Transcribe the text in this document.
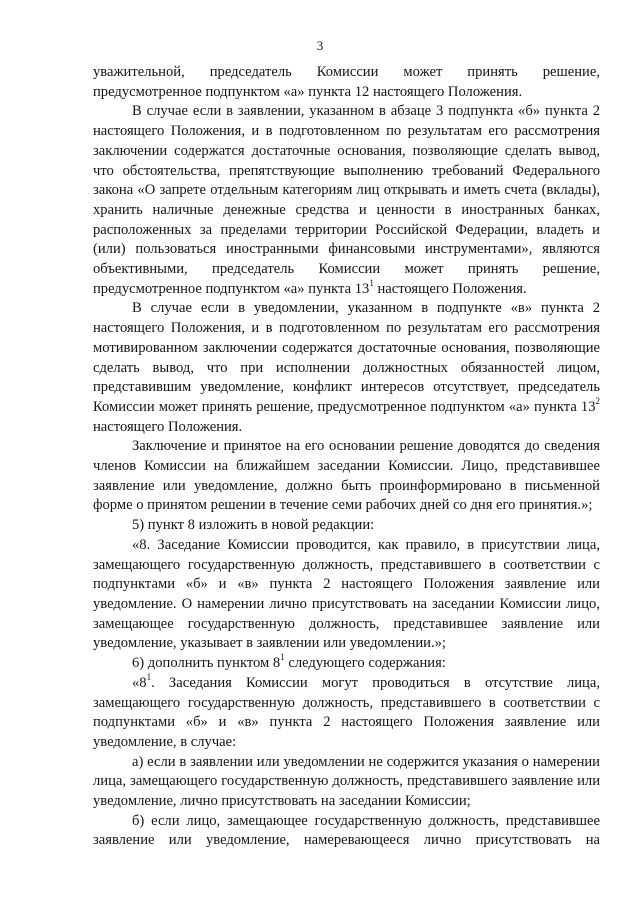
3

уважительной, председатель Комиссии может принять решение, предусмотренное подпунктом «а» пункта 12 настоящего Положения.

В случае если в заявлении, указанном в абзаце 3 подпункта «б» пункта 2 настоящего Положения, и в подготовленном по результатам его рассмотрения заключении содержатся достаточные основания, позволяющие сделать вывод, что обстоятельства, препятствующие выполнению требований Федерального закона «О запрете отдельным категориям лиц открывать и иметь счета (вклады), хранить наличные денежные средства и ценности в иностранных банках, расположенных за пределами территории Российской Федерации, владеть и (или) пользоваться иностранными финансовыми инструментами», являются объективными, председатель Комиссии может принять решение, предусмотренное подпунктом «а» пункта $13^1$ настоящего Положения.

В случае если в уведомлении, указанном в подпункте «в» пункта 2 настоящего Положения, и в подготовленном по результатам его рассмотрения мотивированном заключении содержатся достаточные основания, позволяющие сделать вывод, что при исполнении должностных обязанностей лицом, представившим уведомление, конфликт интересов отсутствует, председатель Комиссии может принять решение, предусмотренное подпунктом «а» пункта $13^2$ настоящего Положения.

Заключение и принятое на его основании решение доводятся до сведения членов Комиссии на ближайшем заседании Комиссии. Лицо, представившее заявление или уведомление, должно быть проинформировано в письменной форме о принятом решении в течение семи рабочих дней со дня его принятия.»;

5) пункт 8 изложить в новой редакции:

«8. Заседание Комиссии проводится, как правило, в присутствии лица, замещающего государственную должность, представившего в соответствии с подпунктами «б» и «в» пункта 2 настоящего Положения заявление или уведомление. О намерении лично присутствовать на заседании Комиссии лицо, замещающее государственную должность, представившее заявление или уведомление, указывает в заявлении или уведомлении.»;

6) дополнить пунктом $8^1$ следующего содержания:

«$8^1$. Заседания Комиссии могут проводиться в отсутствие лица, замещающего государственную должность, представившего в соответствии с подпунктами «б» и «в» пункта 2 настоящего Положения заявление или уведомление, в случае:

а) если в заявлении или уведомлении не содержится указания о намерении лица, замещающего государственную должность, представившего заявление или уведомление, лично присутствовать на заседании Комиссии;

б) если лицо, замещающее государственную должность, представившее заявление или уведомление, намеревающееся лично присутствовать на
